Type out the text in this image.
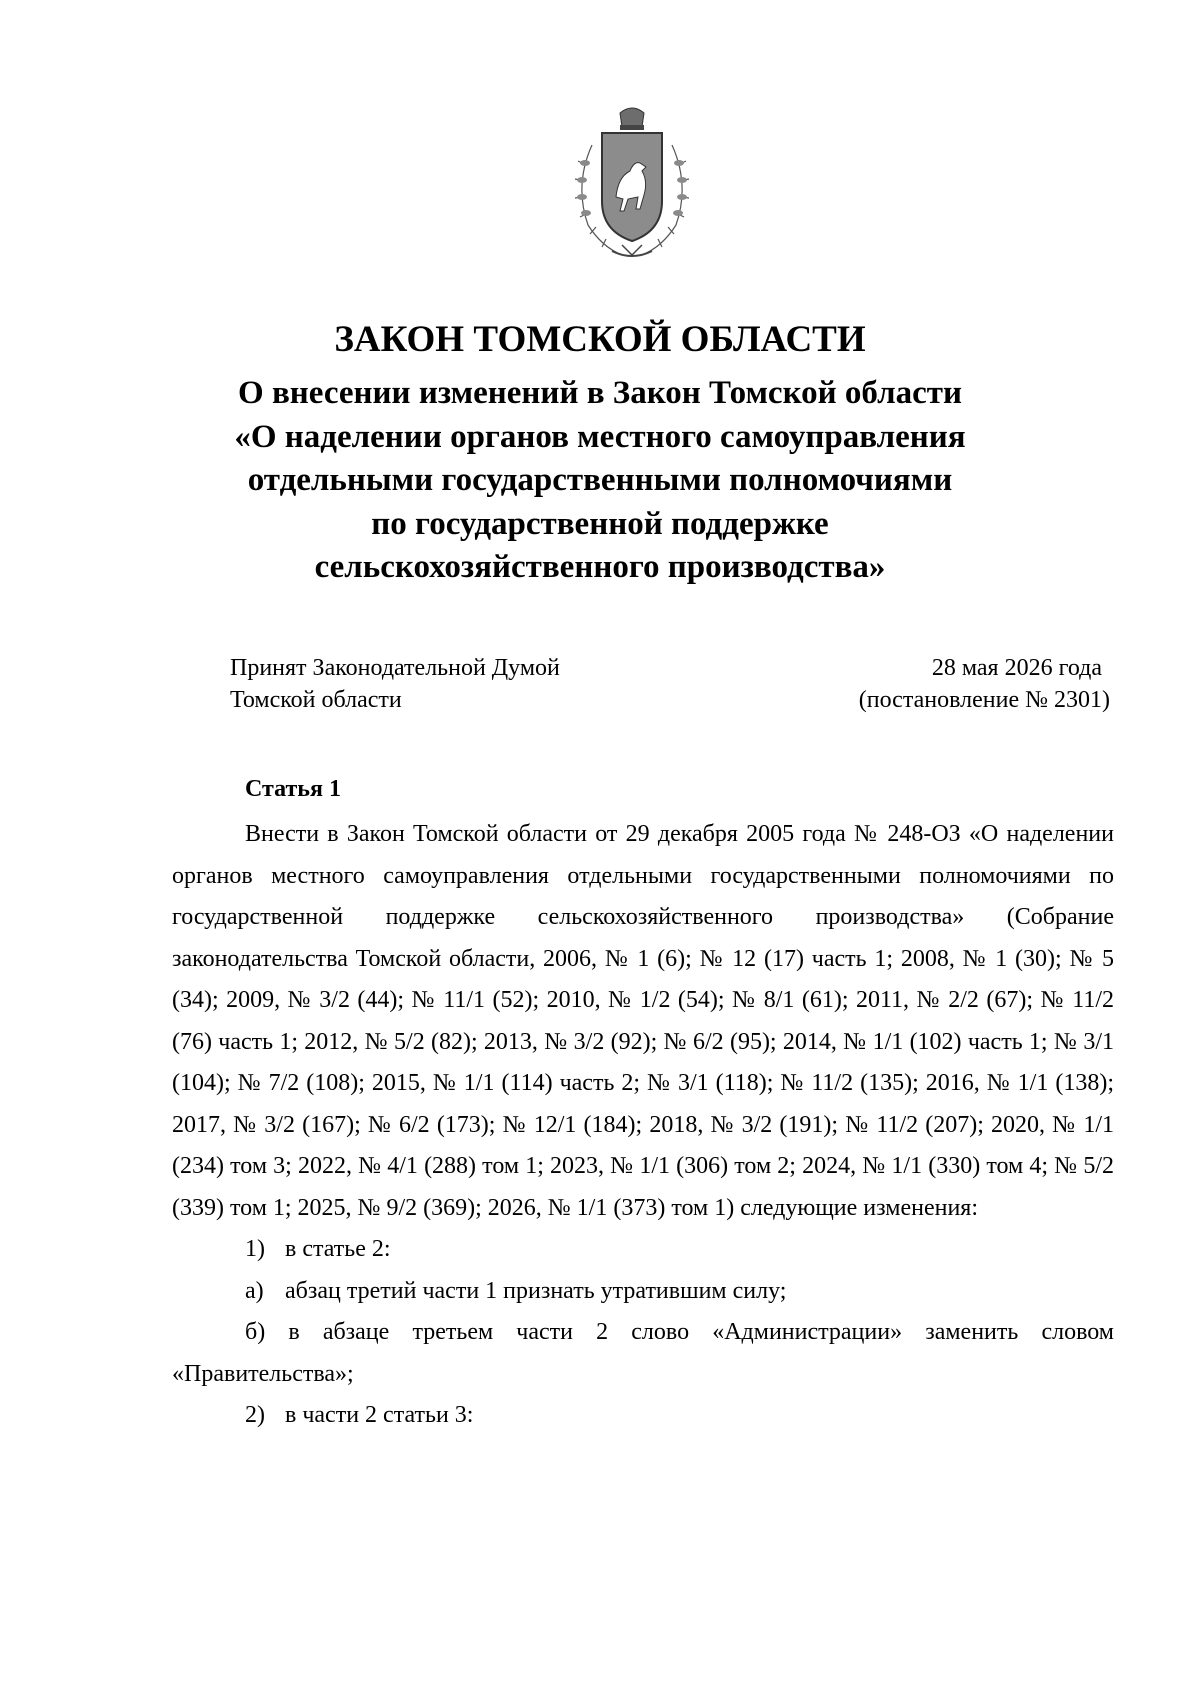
ЗАКОН ТОМСКОЙ ОБЛАСТИ
О внесении изменений в Закон Томской области
«О наделении органов местного самоуправления
отдельными государственными полномочиями
по государственной поддержке
сельскохозяйственного производства»
Принят Законодательной Думой
Томской области
28 мая 2026 года
(постановление № 2301)
Статья 1

Внести в Закон Томской области от 29 декабря 2005 года № 248-ОЗ «О наделении органов местного самоуправления отдельными государственными полномочиями по государственной поддержке сельскохозяйственного производства» (Собрание законодательства Томской области, 2006, № 1 (6); № 12 (17) часть 1; 2008, № 1 (30); № 5 (34); 2009, № 3/2 (44); № 11/1 (52); 2010, № 1/2 (54); № 8/1 (61); 2011, № 2/2 (67); № 11/2 (76) часть 1; 2012, № 5/2 (82); 2013, № 3/2 (92); № 6/2 (95); 2014, № 1/1 (102) часть 1; № 3/1 (104); № 7/2 (108); 2015, № 1/1 (114) часть 2; № 3/1 (118); № 11/2 (135); 2016, № 1/1 (138); 2017, № 3/2 (167); № 6/2 (173); № 12/1 (184); 2018, № 3/2 (191); № 11/2 (207); 2020, № 1/1 (234) том 3; 2022, № 4/1 (288) том 1; 2023, № 1/1 (306) том 2; 2024, № 1/1 (330) том 4; № 5/2 (339) том 1; 2025, № 9/2 (369); 2026, № 1/1 (373) том 1) следующие изменения:

1) в статье 2:
а) абзац третий части 1 признать утратившим силу;

б) в абзаце третьем части 2 слово «Администрации» заменить словом «Правительства»;

2) в части 2 статьи 3:
